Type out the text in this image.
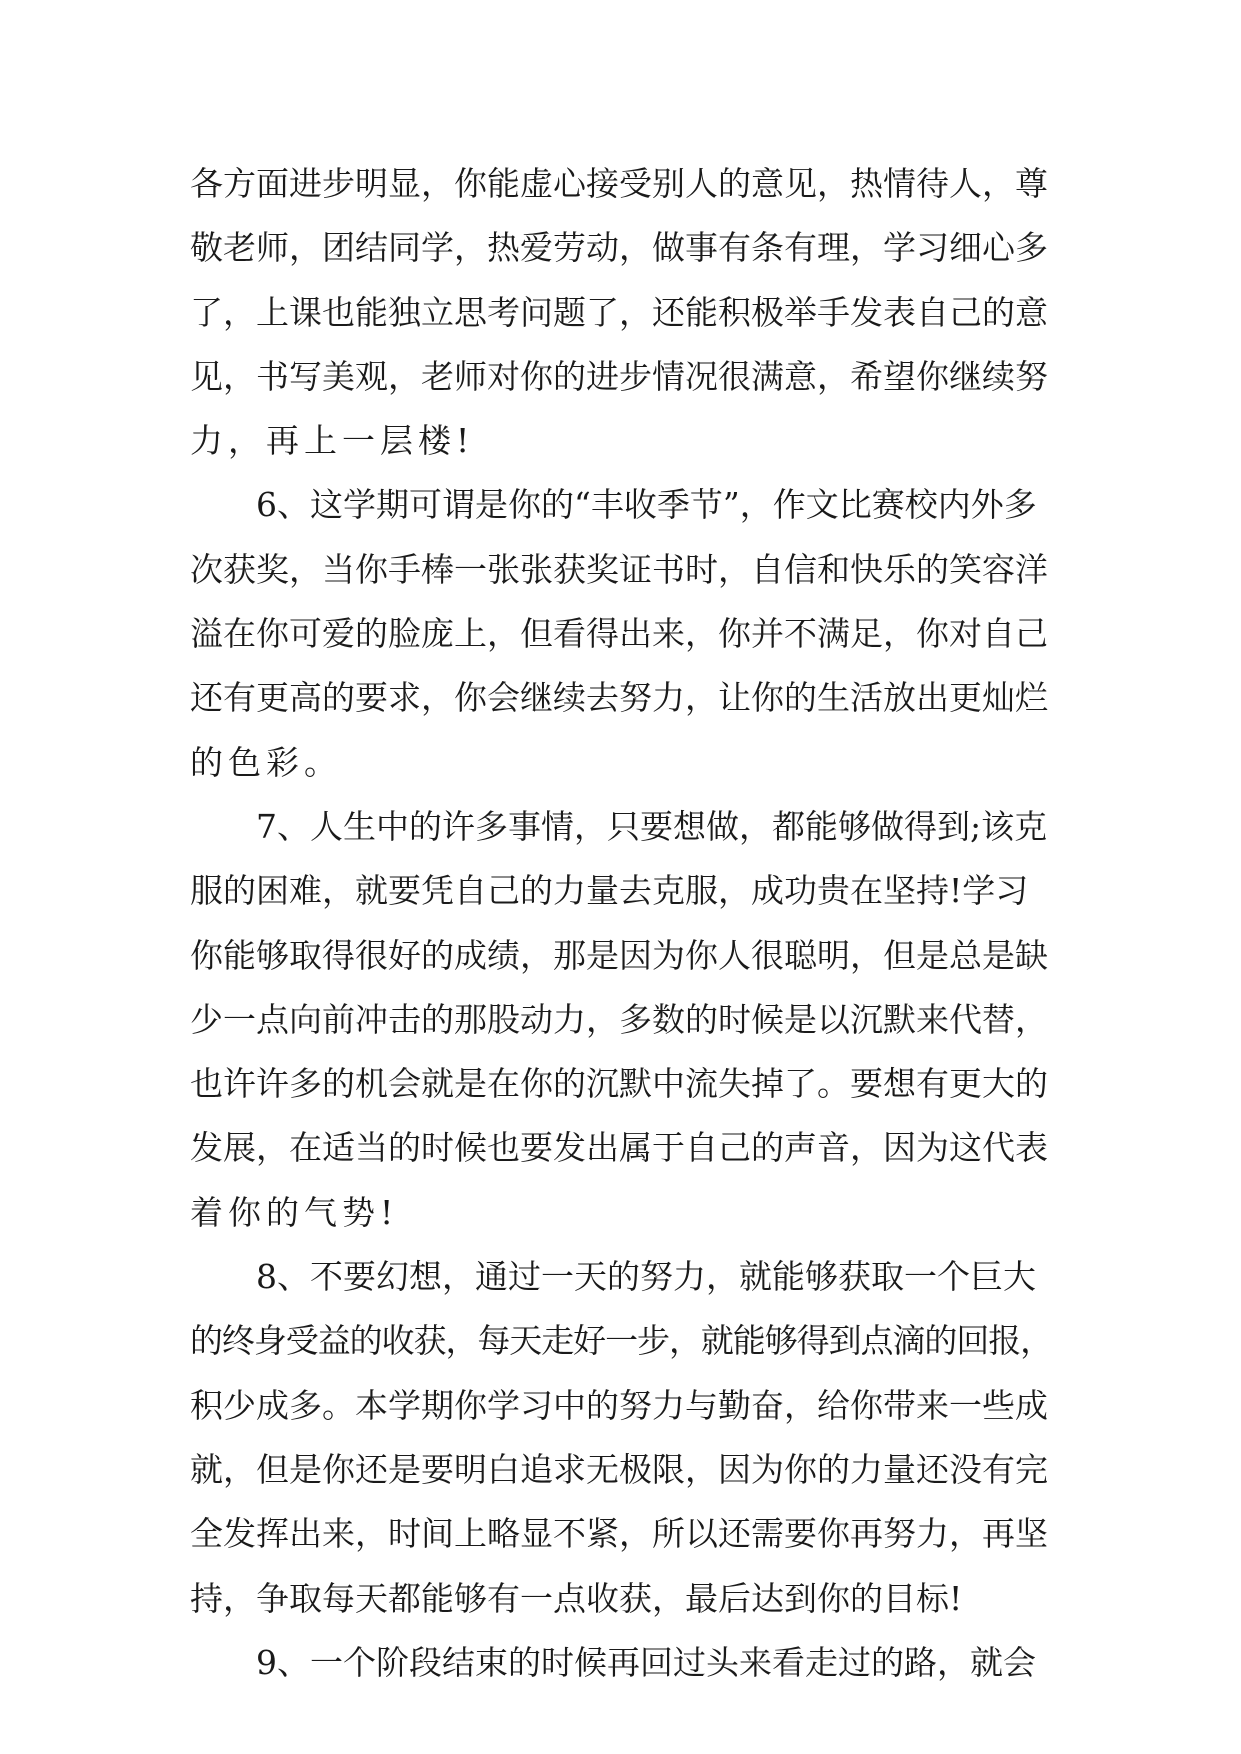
各方面进步明显，你能虚心接受别人的意见，热情待人，尊
敬老师，团结同学，热爱劳动，做事有条有理，学习细心多
了，上课也能独立思考问题了，还能积极举手发表自己的意
见，书写美观，老师对你的进步情况很满意，希望你继续努
力，再上一层楼!
6、这学期可谓是你的“丰收季节”，作文比赛校内外多
次获奖，当你手棒一张张获奖证书时，自信和快乐的笑容洋
溢在你可爱的脸庞上，但看得出来，你并不满足，你对自己
还有更高的要求，你会继续去努力，让你的生活放出更灿烂
的色彩。
7、人生中的许多事情，只要想做，都能够做得到;该克
服的困难，就要凭自己的力量去克服，成功贵在坚持!学习
你能够取得很好的成绩，那是因为你人很聪明，但是总是缺
少一点向前冲击的那股动力，多数的时候是以沉默来代替，
也许许多的机会就是在你的沉默中流失掉了。要想有更大的
发展，在适当的时候也要发出属于自己的声音，因为这代表
着你的气势!
8、不要幻想，通过一天的努力，就能够获取一个巨大
的终身受益的收获，每天走好一步，就能够得到点滴的回报，
积少成多。本学期你学习中的努力与勤奋，给你带来一些成
就，但是你还是要明白追求无极限，因为你的力量还没有完
全发挥出来，时间上略显不紧，所以还需要你再努力，再坚
持，争取每天都能够有一点收获，最后达到你的目标!
9、一个阶段结束的时候再回过头来看走过的路，就会
